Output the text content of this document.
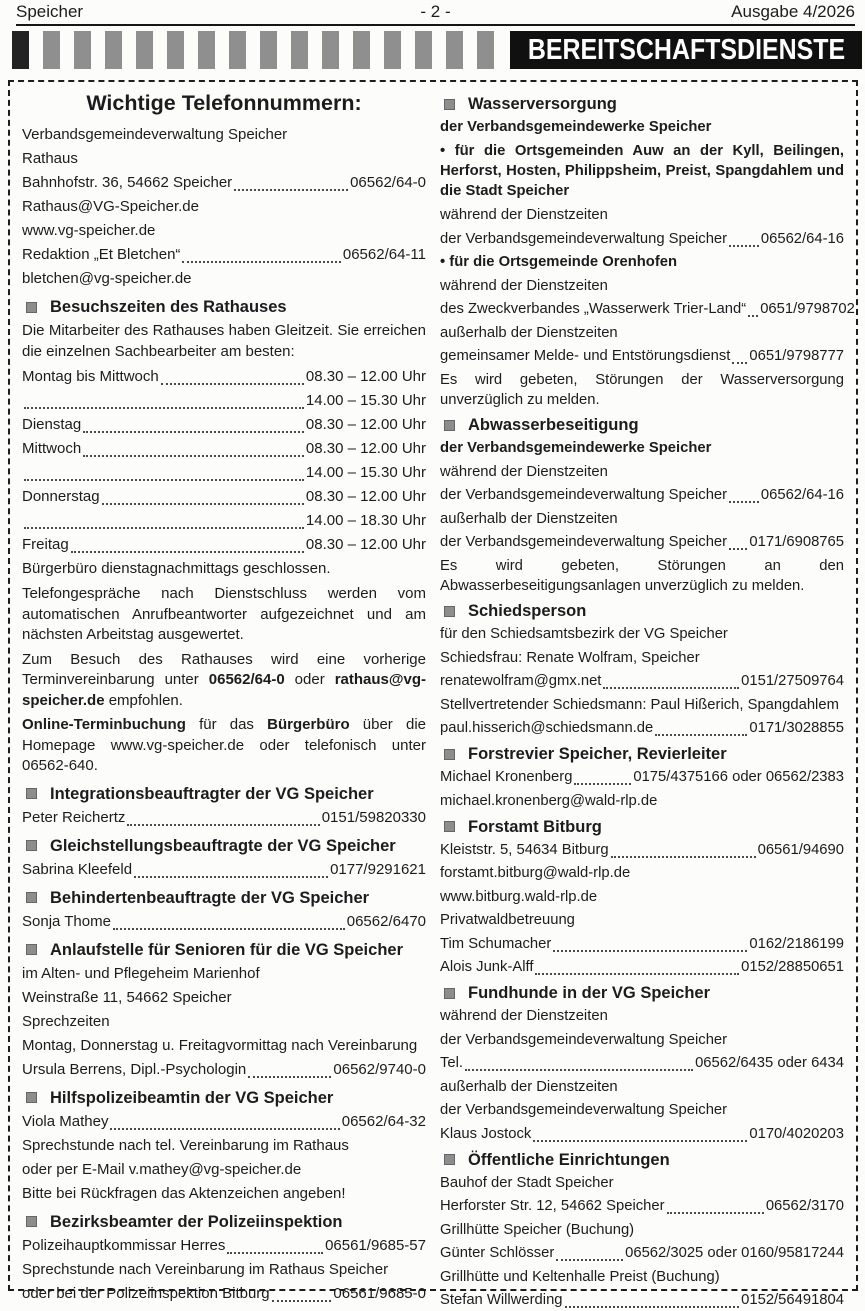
Speicher	- 2 -	Ausgabe 4/2026
BEREITSCHAFTSDIENSTE
Wichtige Telefonnummern:
Verbandsgemeindeverwaltung Speicher
Rathaus
Bahnhofstr. 36, 54662 Speicher	06562/64-0
Rathaus@VG-Speicher.de
www.vg-speicher.de
Redaktion „Et Bletchen“	06562/64-11
bletchen@vg-speicher.de
Besuchszeiten des Rathauses
Die Mitarbeiter des Rathauses haben Gleitzeit. Sie erreichen die einzelnen Sachbearbeiter am besten:
Montag bis Mittwoch	08.30 – 12.00 Uhr
14.00 – 15.30 Uhr
Dienstag	08.30 – 12.00 Uhr
Mittwoch	08.30 – 12.00 Uhr
14.00 – 15.30 Uhr
Donnerstag	08.30 – 12.00 Uhr
14.00 – 18.30 Uhr
Freitag	08.30 – 12.00 Uhr
Bürgerbüro dienstagnachmittags geschlossen.
Telefongespräche nach Dienstschluss werden vom automatischen Anrufbeantworter aufgezeichnet und am nächsten Arbeitstag ausgewertet.
Zum Besuch des Rathauses wird eine vorherige Terminvereinbarung unter 06562/64-0 oder rathaus@vg-speicher.de empfohlen.
Online-Terminbuchung für das Bürgerbüro über die Homepage www.vg-speicher.de oder telefonisch unter 06562-640.
Integrationsbeauftragter der VG Speicher
Peter Reichertz	0151/59820330
Gleichstellungsbeauftragte der VG Speicher
Sabrina Kleefeld	0177/9291621
Behindertenbeauftragte der VG Speicher
Sonja Thome	06562/6470
Anlaufstelle für Senioren für die VG Speicher
im Alten- und Pflegeheim Marienhof
Weinstraße 11, 54662 Speicher
Sprechzeiten
Montag, Donnerstag u. Freitagvormittag nach Vereinbarung
Ursula Berrens, Dipl.-Psychologin	06562/9740-0
Hilfspolizeibeamtin der VG Speicher
Viola Mathey	06562/64-32
Sprechstunde nach tel. Vereinbarung im Rathaus
oder per E-Mail v.mathey@vg-speicher.de
Bitte bei Rückfragen das Aktenzeichen angeben!
Bezirksbeamter der Polizeiinspektion
Polizeihauptkommissar Herres	06561/9685-57
Sprechstunde nach Vereinbarung im Rathaus Speicher
oder bei der Polizeiinspektion Bitburg	06561/9685-0
Wasserversorgung
der Verbandsgemeindewerke Speicher
• für die Ortsgemeinden Auw an der Kyll, Beilingen, Herforst, Hosten, Philippsheim, Preist, Spangdahlem und die Stadt Speicher
während der Dienstzeiten
der Verbandsgemeindeverwaltung Speicher 06562/64-16
• für die Ortsgemeinde Orenhofen
während der Dienstzeiten
des Zweckverbandes „Wasserwerk Trier-Land“ 0651/9798702
außerhalb der Dienstzeiten
gemeinsamer Melde- und Entstörungsdienst 0651/9798777
Es wird gebeten, Störungen der Wasserversorgung unverzüglich zu melden.
Abwasserbeseitigung
der Verbandsgemeindewerke Speicher
während der Dienstzeiten
der Verbandsgemeindeverwaltung Speicher 06562/64-16
außerhalb der Dienstzeiten
der Verbandsgemeindeverwaltung Speicher 0171/6908765
Es wird gebeten, Störungen an den Abwasserbeseitigungsanlagen unverzüglich zu melden.
Schiedsperson
für den Schiedsamtsbezirk der VG Speicher
Schiedsfrau: Renate Wolfram, Speicher
renatewolfram@gmx.net	0151/27509764
Stellvertretender Schiedsmann: Paul Hißerich, Spangdahlem
paul.hisserich@schiedsmann.de	0171/3028855
Forstrevier Speicher, Revierleiter
Michael Kronenberg	0175/4375166 oder 06562/2383
michael.kronenberg@wald-rlp.de
Forstamt Bitburg
Kleiststr. 5, 54634 Bitburg	06561/94690
forstamt.bitburg@wald-rlp.de
www.bitburg.wald-rlp.de
Privatwaldbetreuung
Tim Schumacher	0162/2186199
Alois Junk-Alff	0152/28850651
Fundhunde in der VG Speicher
während der Dienstzeiten
der Verbandsgemeindeverwaltung Speicher
Tel.	06562/6435 oder 6434
außerhalb der Dienstzeiten
der Verbandsgemeindeverwaltung Speicher
Klaus Jostock	0170/4020203
Öffentliche Einrichtungen
Bauhof der Stadt Speicher
Herforster Str. 12, 54662 Speicher	06562/3170
Grillhütte Speicher (Buchung)
Günter Schlösser	06562/3025 oder 0160/95817244
Grillhütte und Keltenhalle Preist (Buchung)
Stefan Willwerding	0152/56491804
